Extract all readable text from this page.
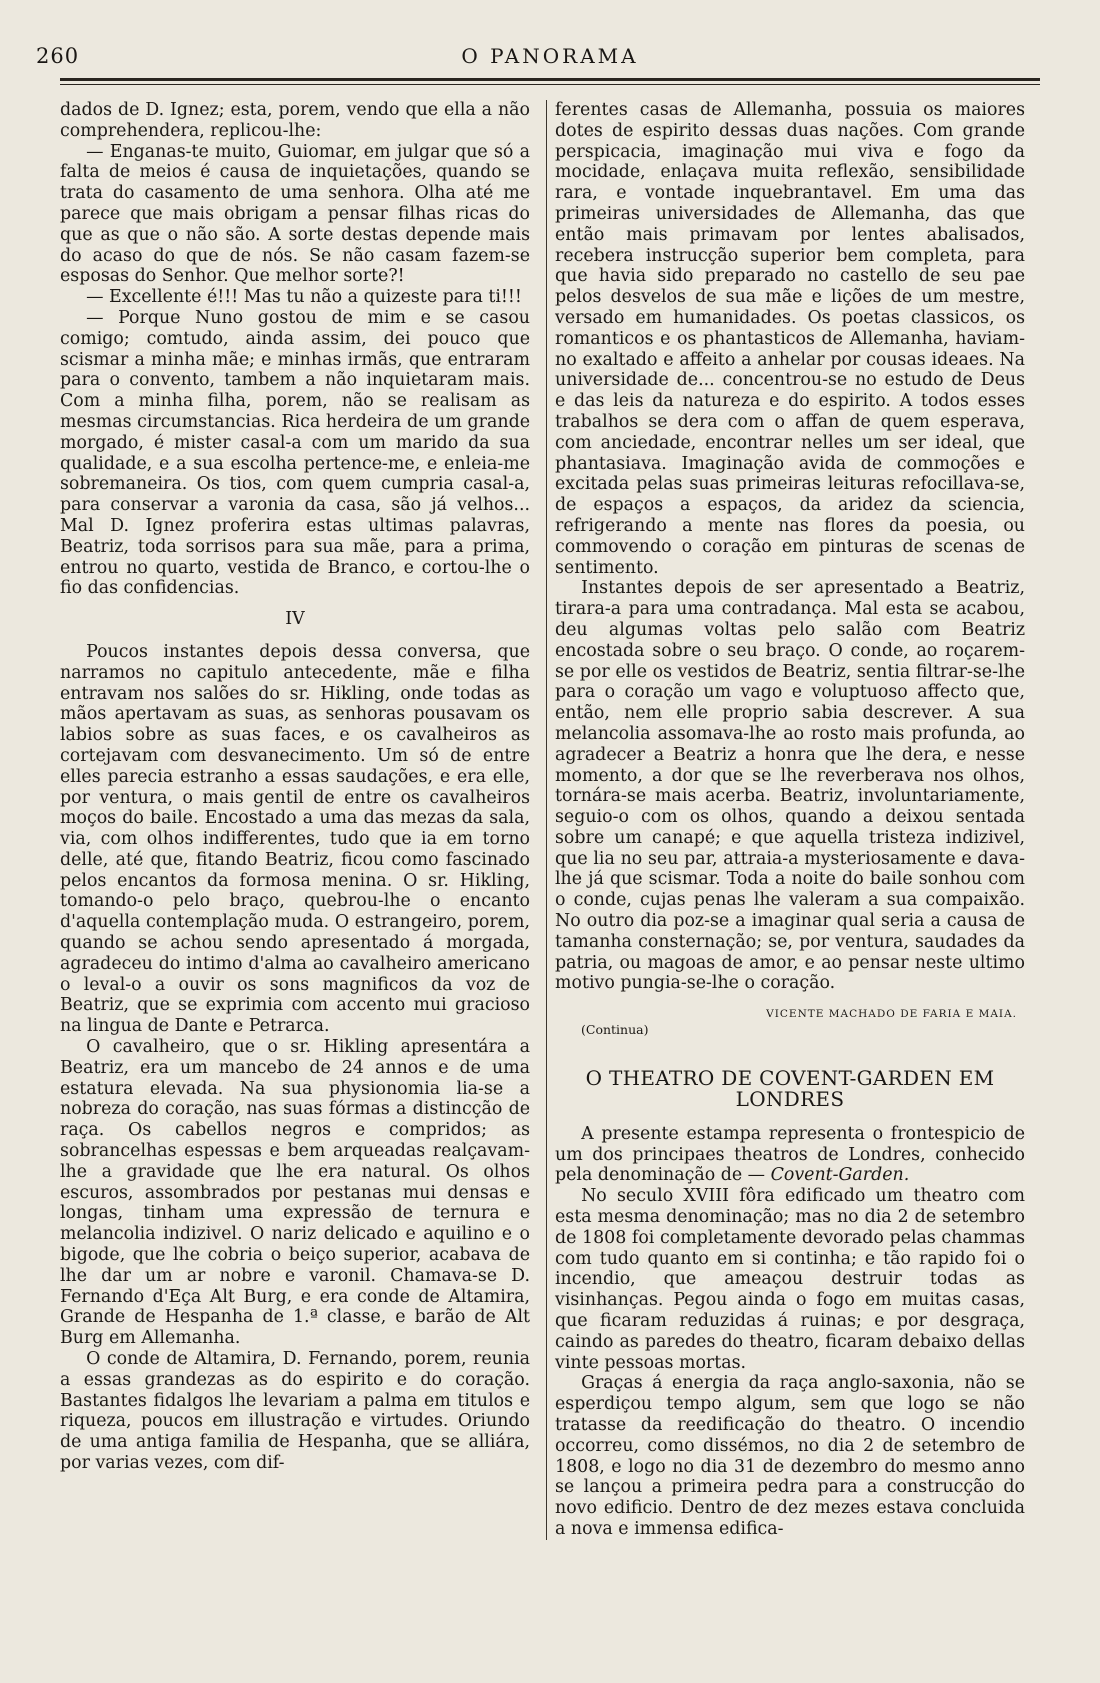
260	O PANORAMA

dados de D. Ignez; esta, porem, vendo que ella a não comprehendera, replicou-lhe:

— Enganas-te muito, Guiomar, em julgar que só a falta de meios é causa de inquietações, quando se trata do casamento de uma senhora. Olha até me parece que mais obrigam a pensar filhas ricas do que as que o não são. A sorte destas depende mais do acaso do que de nós. Se não casam fazem-se esposas do Senhor. Que melhor sorte?!

— Excellente é!!! Mas tu não a quizeste para ti!!!

— Porque Nuno gostou de mim e se casou comigo; comtudo, ainda assim, dei pouco que scismar a minha mãe; e minhas irmãs, que entraram para o convento, tambem a não inquietaram mais. Com a minha filha, porem, não se realisam as mesmas circumstancias. Rica herdeira de um grande morgado, é mister casal-a com um marido da sua qualidade, e a sua escolha pertence-me, e enleia-me sobremaneira. Os tios, com quem cumpria casal-a, para conservar a varonia da casa, são já velhos... Mal D. Ignez proferira estas ultimas palavras, Beatriz, toda sorrisos para sua mãe, para a prima, entrou no quarto, vestida de Branco, e cortou-lhe o fio das confidencias.

IV

Poucos instantes depois dessa conversa, que narramos no capitulo antecedente, mãe e filha entravam nos salões do sr. Hikling, onde todas as mãos apertavam as suas, as senhoras pousavam os labios sobre as suas faces, e os cavalheiros as cortejavam com desvanecimento. Um só de entre elles parecia estranho a essas saudações, e era elle, por ventura, o mais gentil de entre os cavalheiros moços do baile. Encostado a uma das mezas da sala, via, com olhos indifferentes, tudo que ia em torno delle, até que, fitando Beatriz, ficou como fascinado pelos encantos da formosa menina. O sr. Hikling, tomando-o pelo braço, quebrou-lhe o encanto d'aquella contemplação muda. O estrangeiro, porem, quando se achou sendo apresentado á morgada, agradeceu do intimo d'alma ao cavalheiro americano o leval-o a ouvir os sons magnificos da voz de Beatriz, que se exprimia com accento mui gracioso na lingua de Dante e Petrarca.

O cavalheiro, que o sr. Hikling apresentára a Beatriz, era um mancebo de 24 annos e de uma estatura elevada. Na sua physionomia lia-se a nobreza do coração, nas suas fórmas a distincção de raça. Os cabellos negros e compridos; as sobrancelhas espessas e bem arqueadas realçavam-lhe a gravidade que lhe era natural. Os olhos escuros, assombrados por pestanas mui densas e longas, tinham uma expressão de ternura e melancolia indizivel. O nariz delicado e aquilino e o bigode, que lhe cobria o beiço superior, acabava de lhe dar um ar nobre e varonil. Chamava-se D. Fernando d'Eça Alt Burg, e era conde de Altamira, Grande de Hespanha de 1.ª classe, e barão de Alt Burg em Allemanha.

O conde de Altamira, D. Fernando, porem, reunia a essas grandezas as do espirito e do coração. Bastantes fidalgos lhe levariam a palma em titulos e riqueza, poucos em illustração e virtudes. Oriundo de uma antiga familia de Hespanha, que se alliára, por varias vezes, com dif-

ferentes casas de Allemanha, possuia os maiores dotes de espirito dessas duas nações. Com grande perspicacia, imaginação mui viva e fogo da mocidade, enlaçava muita reflexão, sensibilidade rara, e vontade inquebrantavel. Em uma das primeiras universidades de Allemanha, das que então mais primavam por lentes abalisados, recebera instrucção superior bem completa, para que havia sido preparado no castello de seu pae pelos desvelos de sua mãe e lições de um mestre, versado em humanidades. Os poetas classicos, os romanticos e os phantasticos de Allemanha, haviam-no exaltado e affeito a anhelar por cousas ideaes. Na universidade de... concentrou-se no estudo de Deus e das leis da natureza e do espirito. A todos esses trabalhos se dera com o affan de quem esperava, com anciedade, encontrar nelles um ser ideal, que phantasiava. Imaginação avida de commoções e excitada pelas suas primeiras leituras refocillava-se, de espaços a espaços, da aridez da sciencia, refrigerando a mente nas flores da poesia, ou commovendo o coração em pinturas de scenas de sentimento.

Instantes depois de ser apresentado a Beatriz, tirara-a para uma contradança. Mal esta se acabou, deu algumas voltas pelo salão com Beatriz encostada sobre o seu braço. O conde, ao roçarem-se por elle os vestidos de Beatriz, sentia filtrar-se-lhe para o coração um vago e voluptuoso affecto que, então, nem elle proprio sabia descrever. A sua melancolia assomava-lhe ao rosto mais profunda, ao agradecer a Beatriz a honra que lhe dera, e nesse momento, a dor que se lhe reverberava nos olhos, tornára-se mais acerba. Beatriz, involuntariamente, seguio-o com os olhos, quando a deixou sentada sobre um canapé; e que aquella tristeza indizivel, que lia no seu par, attraia-a mysteriosamente e dava-lhe já que scismar. Toda a noite do baile sonhou com o conde, cujas penas lhe valeram a sua compaixão. No outro dia poz-se a imaginar qual seria a causa de tamanha consternação; se, por ventura, saudades da patria, ou magoas de amor, e ao pensar neste ultimo motivo pungia-se-lhe o coração.

VICENTE MACHADO DE FARIA E MAIA.
(Continua)

O THEATRO DE COVENT-GARDEN EM LONDRES

A presente estampa representa o frontespicio de um dos principaes theatros de Londres, conhecido pela denominação de — Covent-Garden.

No seculo XVIII fôra edificado um theatro com esta mesma denominação; mas no dia 2 de setembro de 1808 foi completamente devorado pelas chammas com tudo quanto em si continha; e tão rapido foi o incendio, que ameaçou destruir todas as visinhanças. Pegou ainda o fogo em muitas casas, que ficaram reduzidas á ruinas; e por desgraça, caindo as paredes do theatro, ficaram debaixo dellas vinte pessoas mortas.

Graças á energia da raça anglo-saxonia, não se esperdiçou tempo algum, sem que logo se não tratasse da reedificação do theatro. O incendio occorreu, como dissémos, no dia 2 de setembro de 1808, e logo no dia 31 de dezembro do mesmo anno se lançou a primeira pedra para a construcção do novo edificio. Dentro de dez mezes estava concluida a nova e immensa edifica-
